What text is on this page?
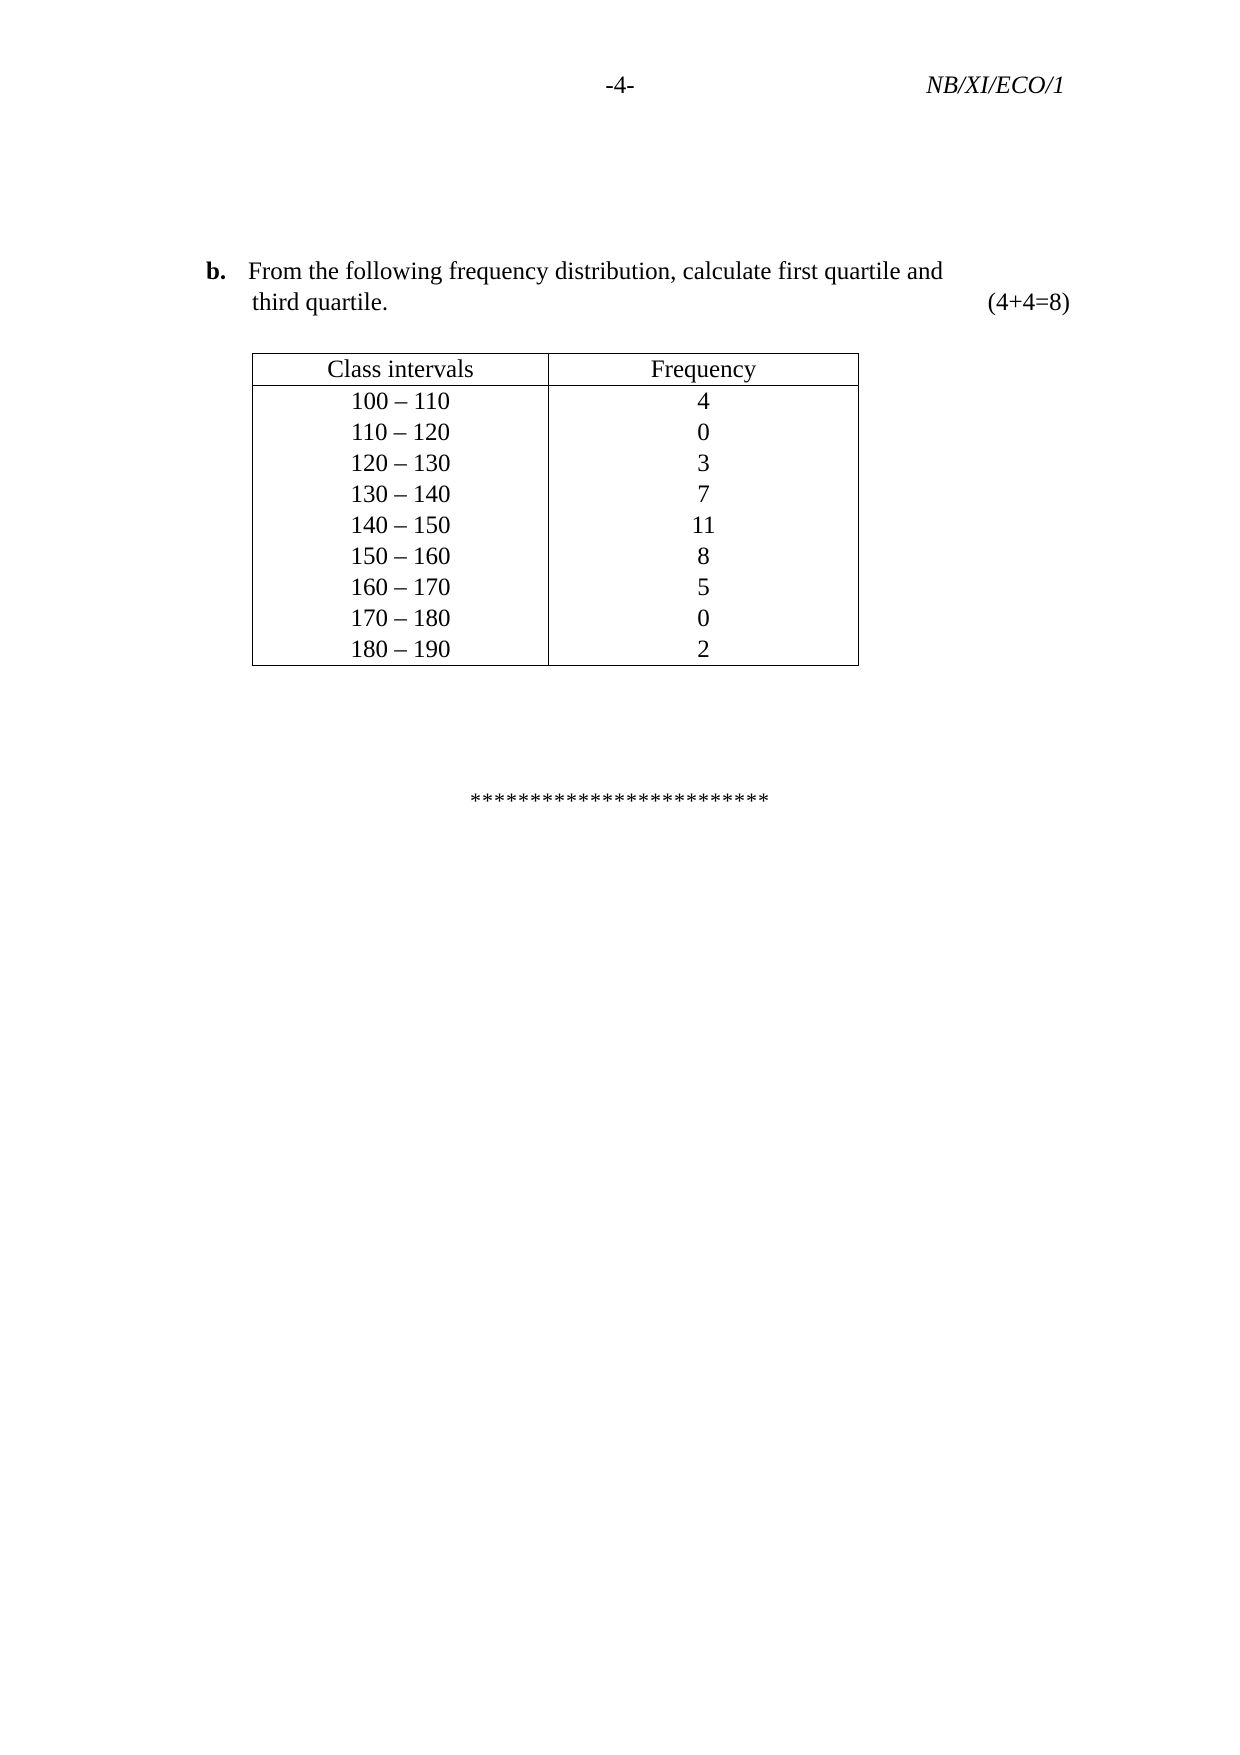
-4-	NB/XI/ECO/1
b. From the following frequency distribution, calculate first quartile and
third quartile.	(4+4=8)
Class intervals	Frequency
100 – 110	4
110 – 120	0
120 – 130	3
130 – 140	7
140 – 150	11
150 – 160	8
160 – 170	5
170 – 180	0
180 – 190	2
*************************
